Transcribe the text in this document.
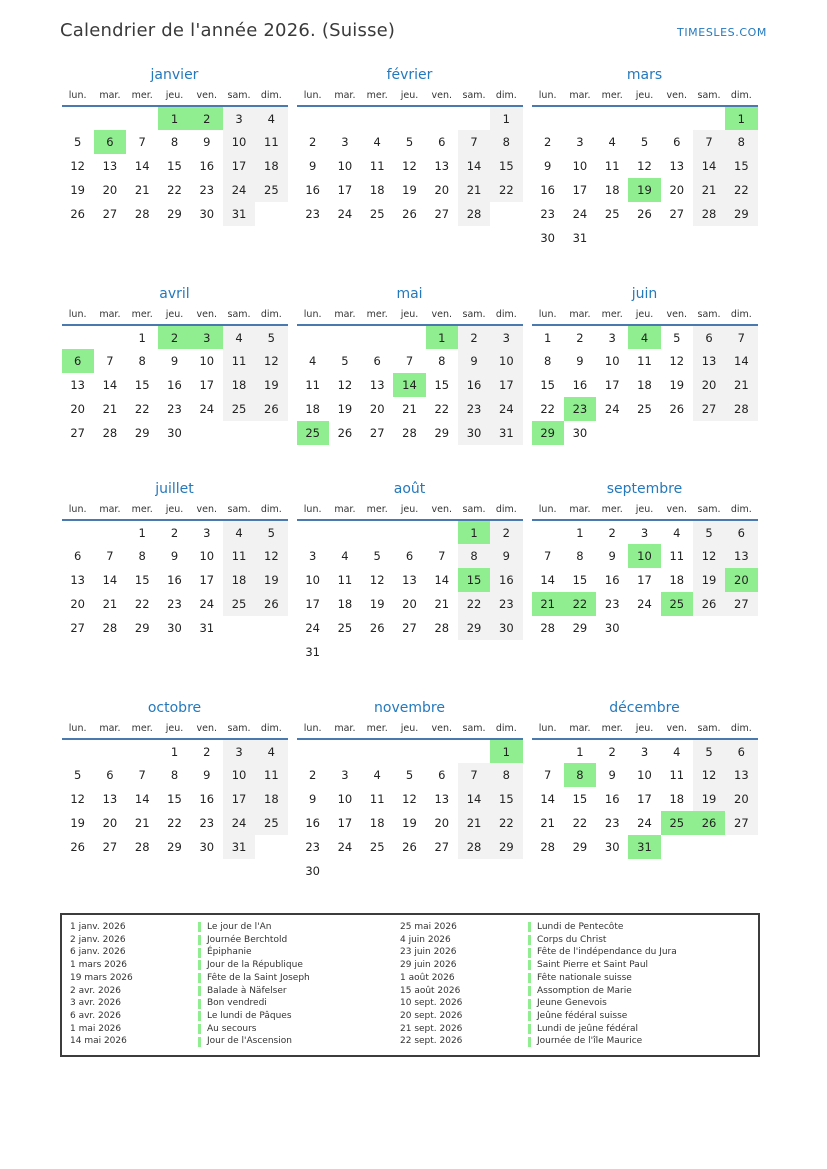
Calendrier de l'année 2026. (Suisse)	TIMESLES.COM
janvier
lun.	mar.	mer.	jeu.	ven.	sam.	dim.
			1	2	3	4
5	6	7	8	9	10	11
12	13	14	15	16	17	18
19	20	21	22	23	24	25
26	27	28	29	30	31	
février
lun.	mar.	mer.	jeu.	ven.	sam.	dim.
						1
2	3	4	5	6	7	8
9	10	11	12	13	14	15
16	17	18	19	20	21	22
23	24	25	26	27	28	
mars
lun.	mar.	mer.	jeu.	ven.	sam.	dim.
						1
2	3	4	5	6	7	8
9	10	11	12	13	14	15
16	17	18	19	20	21	22
23	24	25	26	27	28	29
30	31					
avril
lun.	mar.	mer.	jeu.	ven.	sam.	dim.
		1	2	3	4	5
6	7	8	9	10	11	12
13	14	15	16	17	18	19
20	21	22	23	24	25	26
27	28	29	30			
mai
lun.	mar.	mer.	jeu.	ven.	sam.	dim.
				1	2	3
4	5	6	7	8	9	10
11	12	13	14	15	16	17
18	19	20	21	22	23	24
25	26	27	28	29	30	31
juin
lun.	mar.	mer.	jeu.	ven.	sam.	dim.
1	2	3	4	5	6	7
8	9	10	11	12	13	14
15	16	17	18	19	20	21
22	23	24	25	26	27	28
29	30					
juillet
lun.	mar.	mer.	jeu.	ven.	sam.	dim.
		1	2	3	4	5
6	7	8	9	10	11	12
13	14	15	16	17	18	19
20	21	22	23	24	25	26
27	28	29	30	31		
août
lun.	mar.	mer.	jeu.	ven.	sam.	dim.
					1	2
3	4	5	6	7	8	9
10	11	12	13	14	15	16
17	18	19	20	21	22	23
24	25	26	27	28	29	30
31						
septembre
lun.	mar.	mer.	jeu.	ven.	sam.	dim.
	1	2	3	4	5	6
7	8	9	10	11	12	13
14	15	16	17	18	19	20
21	22	23	24	25	26	27
28	29	30				
octobre
lun.	mar.	mer.	jeu.	ven.	sam.	dim.
			1	2	3	4
5	6	7	8	9	10	11
12	13	14	15	16	17	18
19	20	21	22	23	24	25
26	27	28	29	30	31	
novembre
lun.	mar.	mer.	jeu.	ven.	sam.	dim.
						1
2	3	4	5	6	7	8
9	10	11	12	13	14	15
16	17	18	19	20	21	22
23	24	25	26	27	28	29
30						
décembre
lun.	mar.	mer.	jeu.	ven.	sam.	dim.
	1	2	3	4	5	6
7	8	9	10	11	12	13
14	15	16	17	18	19	20
21	22	23	24	25	26	27
28	29	30	31			
1 janv. 2026	Le jour de l'An
2 janv. 2026	Journée Berchtold
6 janv. 2026	Épiphanie
1 mars 2026	Jour de la République
19 mars 2026	Fête de la Saint Joseph
2 avr. 2026	Balade à Näfelser
3 avr. 2026	Bon vendredi
6 avr. 2026	Le lundi de Pâques
1 mai 2026	Au secours
14 mai 2026	Jour de l'Ascension
25 mai 2026	Lundi de Pentecôte
4 juin 2026	Corps du Christ
23 juin 2026	Fête de l'indépendance du Jura
29 juin 2026	Saint Pierre et Saint Paul
1 août 2026	Fête nationale suisse
15 août 2026	Assomption de Marie
10 sept. 2026	Jeune Genevois
20 sept. 2026	Jeûne fédéral suisse
21 sept. 2026	Lundi de jeûne fédéral
22 sept. 2026	Journée de l'île Maurice
